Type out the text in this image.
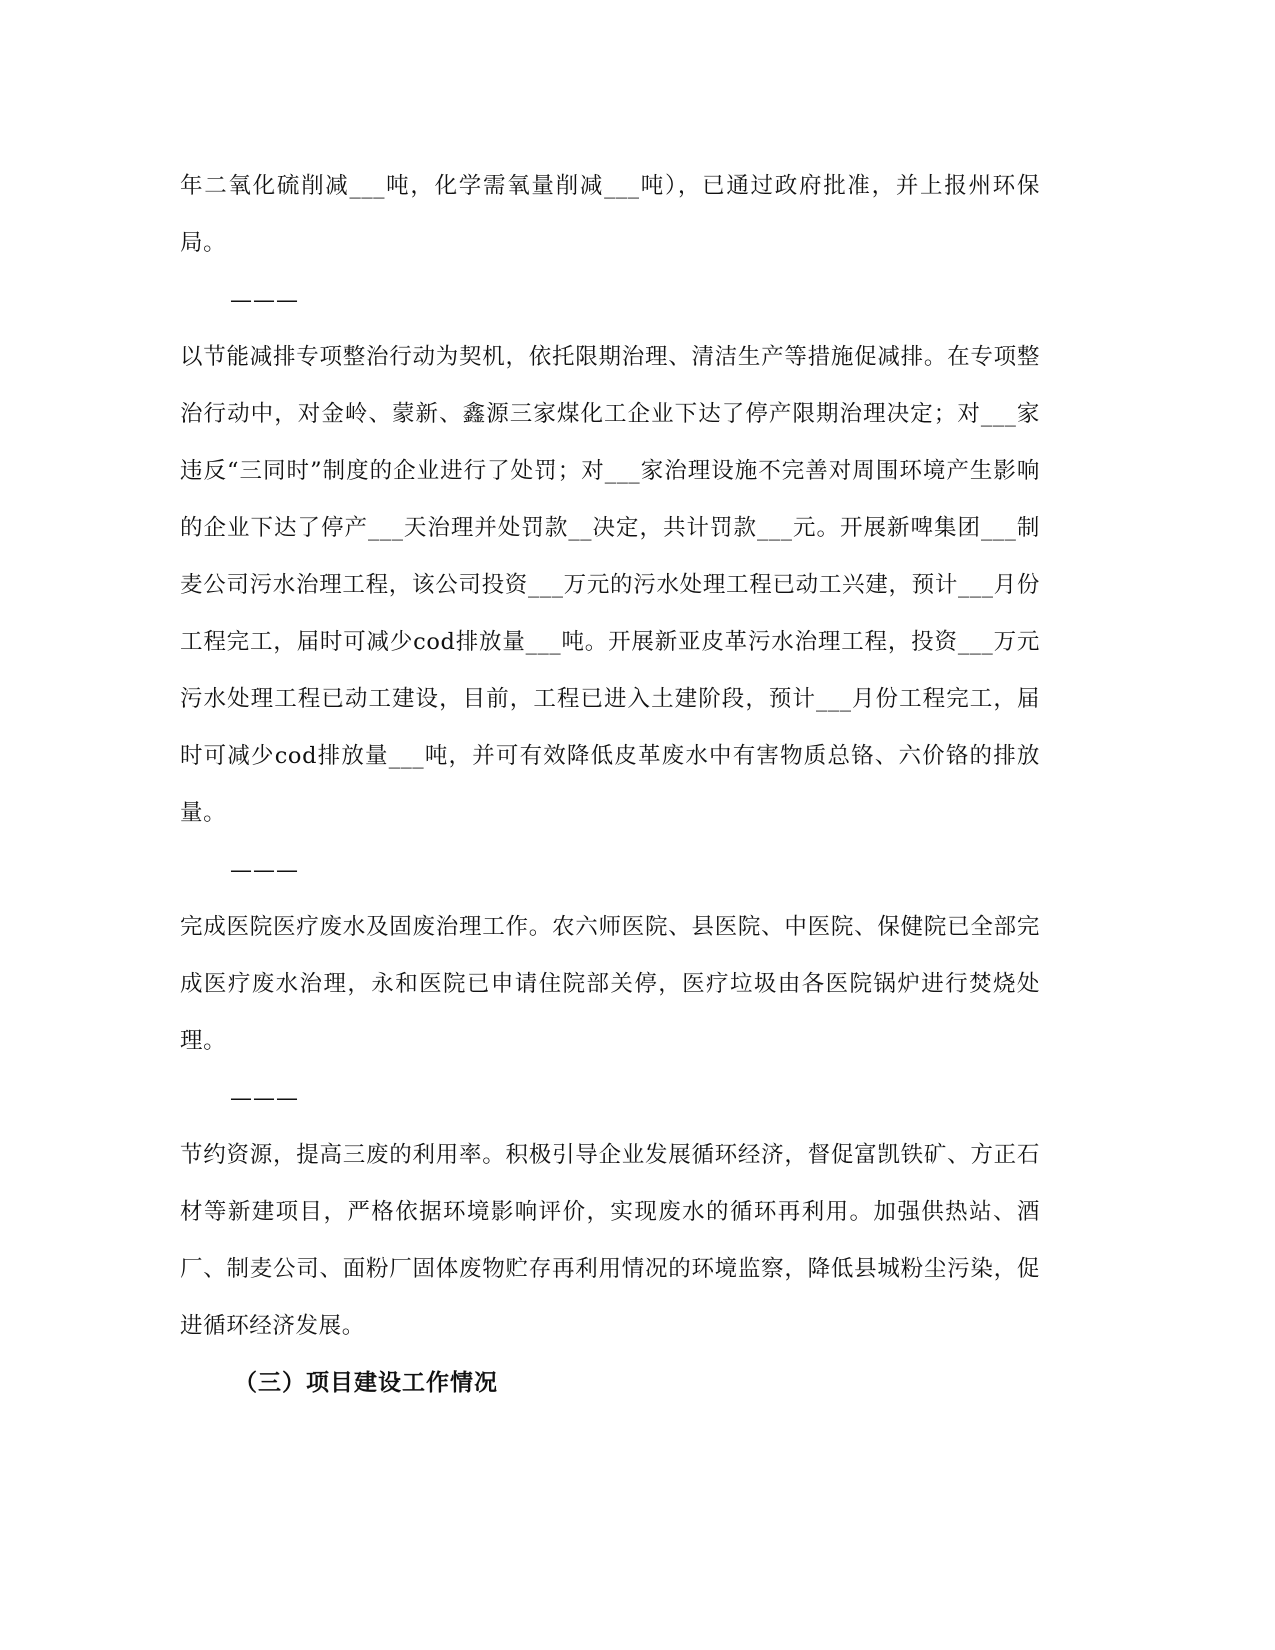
年二氧化硫削减___吨，化学需氧量削减___吨），已通过政府批准，并上报州环保局。

———

以节能减排专项整治行动为契机，依托限期治理、清洁生产等措施促减排。在专项整治行动中，对金岭、蒙新、鑫源三家煤化工企业下达了停产限期治理决定；对___家违反“三同时”制度的企业进行了处罚；对___家治理设施不完善对周围环境产生影响的企业下达了停产___天治理并处罚款__决定，共计罚款___元。开展新啤集团___制麦公司污水治理工程，该公司投资___万元的污水处理工程已动工兴建，预计___月份工程完工，届时可减少cod排放量___吨。开展新亚皮革污水治理工程，投资___万元污水处理工程已动工建设，目前，工程已进入土建阶段，预计___月份工程完工，届时可减少cod排放量___吨，并可有效降低皮革废水中有害物质总铬、六价铬的排放量。

———

完成医院医疗废水及固废治理工作。农六师医院、县医院、中医院、保健院已全部完成医疗废水治理，永和医院已申请住院部关停，医疗垃圾由各医院锅炉进行焚烧处理。

———

节约资源，提高三废的利用率。积极引导企业发展循环经济，督促富凯铁矿、方正石材等新建项目，严格依据环境影响评价，实现废水的循环再利用。加强供热站、酒厂、制麦公司、面粉厂固体废物贮存再利用情况的环境监察，降低县城粉尘污染，促进循环经济发展。

（三）项目建设工作情况
